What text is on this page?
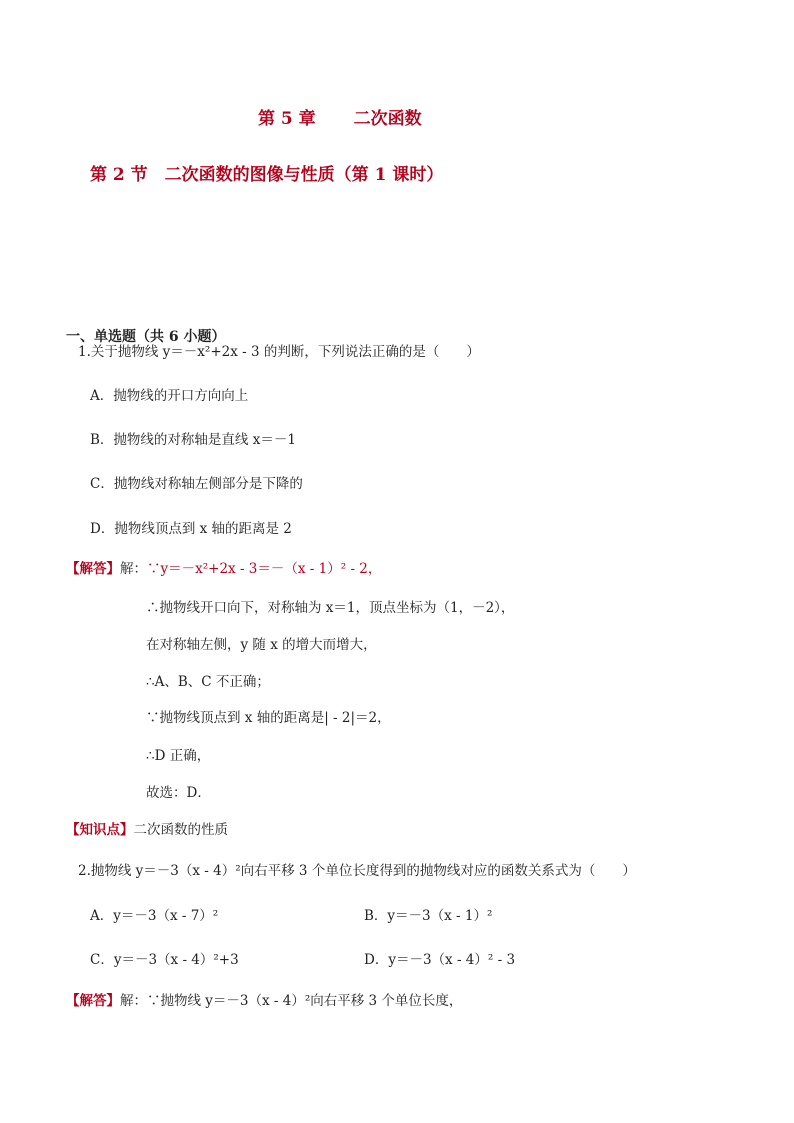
第 5 章 二次函数
第 2 节　二次函数的图像与性质（第 1 课时）
一、单选题（共 6 小题）
1.关于抛物线 y＝－x²+2x - 3 的判断，下列说法正确的是（　　）
A．抛物线的开口方向向上
B．抛物线的对称轴是直线 x＝－1
C．抛物线对称轴左侧部分是下降的
D．抛物线顶点到 x 轴的距离是 2
【解答】解：∵y＝－x²+2x - 3＝－（x - 1）² - 2，
∴抛物线开口向下，对称轴为 x＝1，顶点坐标为（1，－2），
在对称轴左侧，y 随 x 的增大而增大，
∴A、B、C 不正确；
∵抛物线顶点到 x 轴的距离是| - 2|＝2，
∴D 正确，
故选：D．
【知识点】二次函数的性质
2.抛物线 y＝－3（x - 4）²向右平移 3 个单位长度得到的抛物线对应的函数关系式为（　　）
A．y＝－3（x - 7）²	B．y＝－3（x - 1）²
C．y＝－3（x - 4）²+3	D．y＝－3（x - 4）² - 3
【解答】解：∵抛物线 y＝－3（x - 4）²向右平移 3 个单位长度，
